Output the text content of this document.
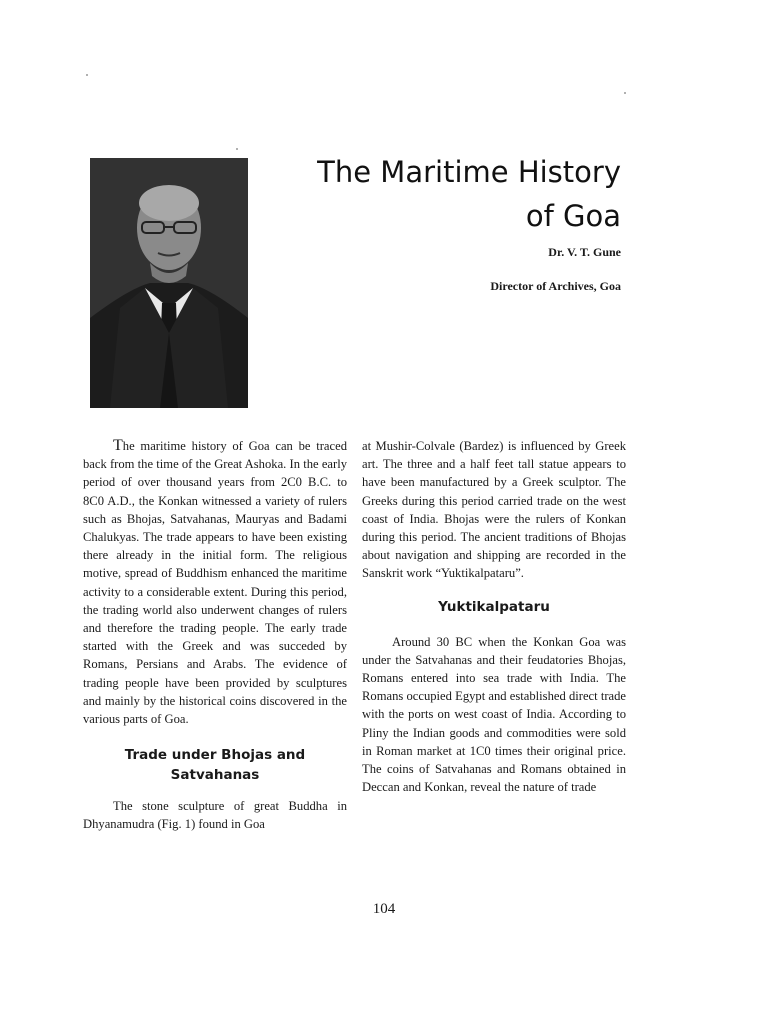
The Maritime History
of Goa

Dr. V. T. Gune

Director of Archives, Goa

The maritime history of Goa can be traced back from the time of the Great Ashoka. In the early period of over thousand years from 2C0 B.C. to 8C0 A.D., the Konkan witnessed a variety of rulers such as Bhojas, Satvahanas, Mauryas and Badami Chalukyas. The trade appears to have been existing there already in the initial form. The religious motive, spread of Buddhism enhanced the maritime activity to a considerable extent. During this period, the trading world also underwent changes of rulers and therefore the trading people. The early trade started with the Greek and was succeded by Romans, Persians and Arabs. The evidence of trading people have been provided by sculptures and mainly by the historical coins discovered in the various parts of Goa.

Trade under Bhojas and Satvahanas

The stone sculpture of great Buddha in Dhyanamudra (Fig. 1) found in Goa

at Mushir-Colvale (Bardez) is influenced by Greek art. The three and a half feet tall statue appears to have been manufactured by a Greek sculptor. The Greeks during this period carried trade on the west coast of India. Bhojas were the rulers of Konkan during this period. The ancient traditions of Bhojas about navigation and shipping are recorded in the Sanskrit work “Yuktikalpataru”.

Yuktikalpataru

Around 30 BC when the Konkan Goa was under the Satvahanas and their feudatories Bhojas, Romans entered into sea trade with India. The Romans occupied Egypt and established direct trade with the ports on west coast of India. According to Pliny the Indian goods and commodities were sold in Roman market at 1C0 times their original price. The coins of Satvahanas and Romans obtained in Deccan and Konkan, reveal the nature of trade

104
